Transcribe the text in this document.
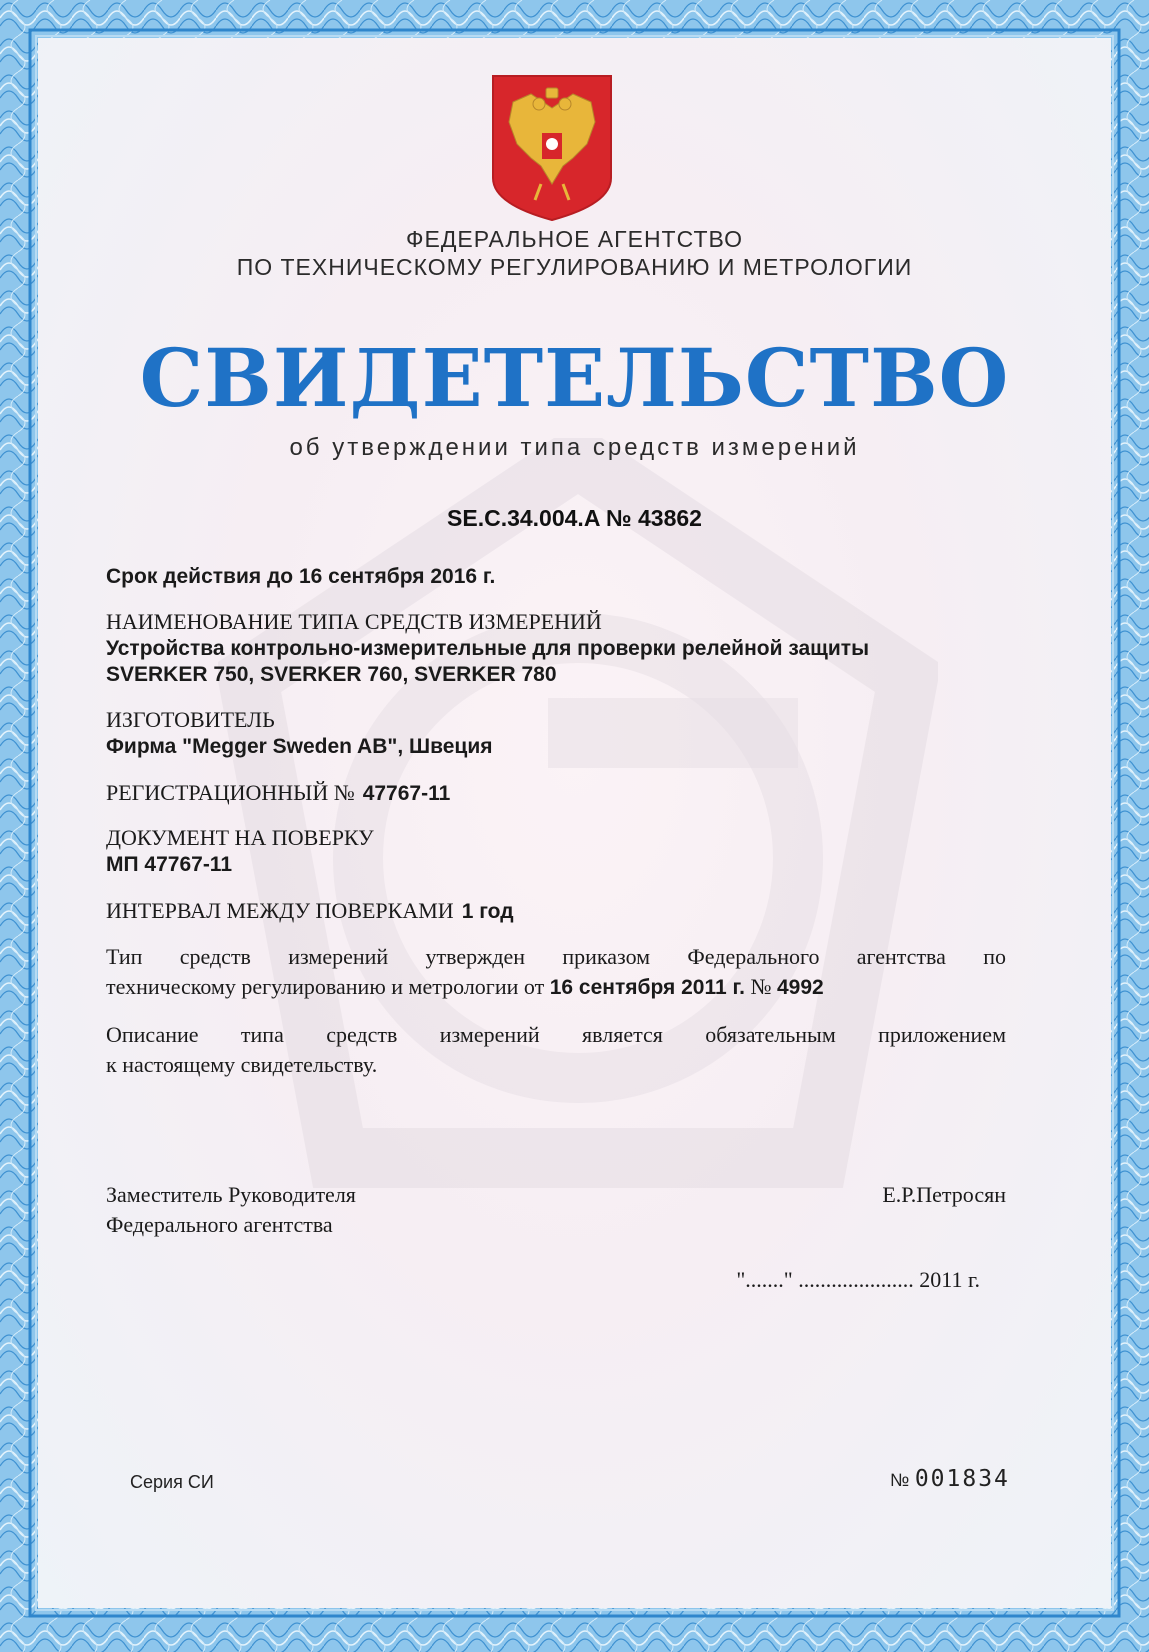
ФЕДЕРАЛЬНОЕ АГЕНТСТВО
ПО ТЕХНИЧЕСКОМУ РЕГУЛИРОВАНИЮ И МЕТРОЛОГИИ
СВИДЕТЕЛЬСТВО
об утверждении типа средств измерений
SE.C.34.004.A № 43862
Срок действия до 16 сентября 2016 г.
НАИМЕНОВАНИЕ ТИПА СРЕДСТВ ИЗМЕРЕНИЙ
Устройства контрольно-измерительные для проверки релейной защиты
SVERKER 750, SVERKER 760, SVERKER 780
ИЗГОТОВИТЕЛЬ
Фирма "Megger Sweden AB", Швеция
РЕГИСТРАЦИОННЫЙ № 47767-11
ДОКУМЕНТ НА ПОВЕРКУ
МП 47767-11
ИНТЕРВАЛ МЕЖДУ ПОВЕРКАМИ 1 год
Тип средств измерений утвержден приказом Федерального агентства по
техническому регулированию и метрологии от 16 сентября 2011 г. № 4992
Описание типа средств измерений является обязательным приложением
к настоящему свидетельству.
Заместитель Руководителя
Федерального агентства
Е.Р.Петросян
"......." ..................... 2011 г.
Серия СИ	№ 001834
